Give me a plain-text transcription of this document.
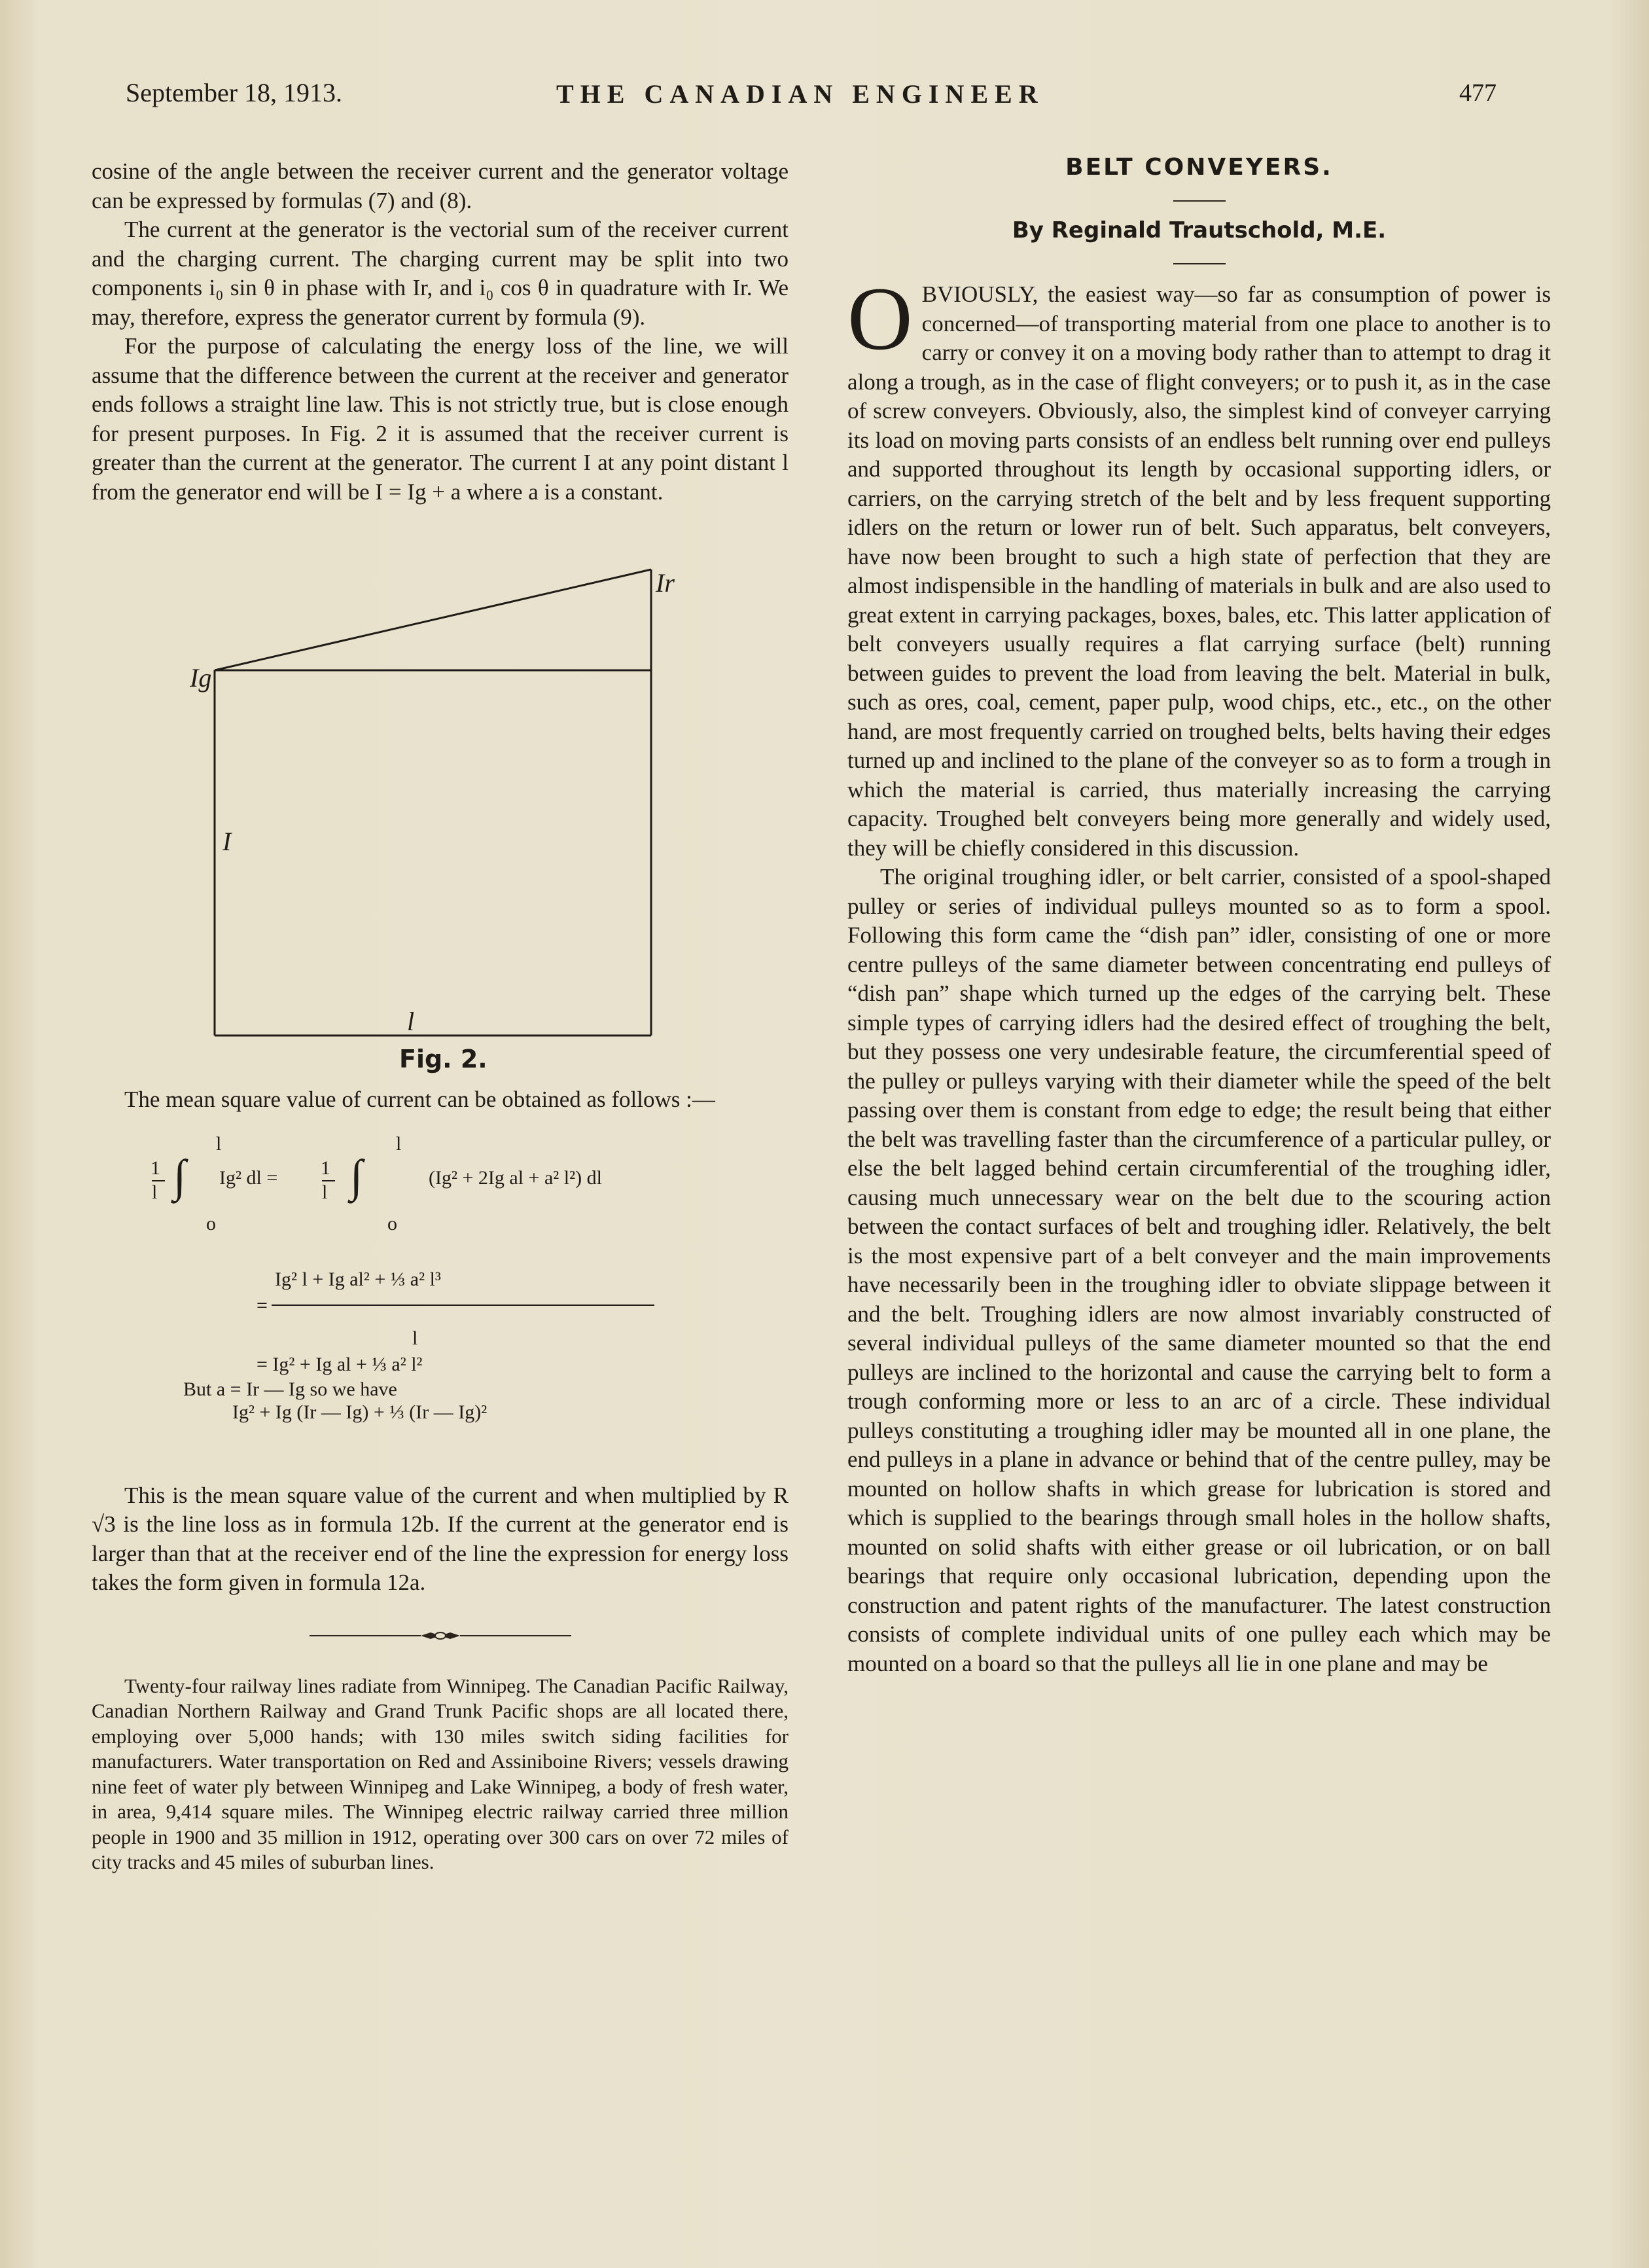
September 18, 1913.	THE CANADIAN ENGINEER	477

cosine of the angle between the receiver current and the generator voltage can be expressed by formulas (7) and (8).

The current at the generator is the vectorial sum of the receiver current and the charging current. The charging current may be split into two components i₀ sin θ in phase with Ir, and i₀ cos θ in quadrature with Ir. We may, therefore, express the generator current by formula (9).

For the purpose of calculating the energy loss of the line, we will assume that the difference between the current at the receiver and generator ends follows a straight line law. This is not strictly true, but is close enough for present purposes. In Fig. 2 it is assumed that the receiver current is greater than the current at the generator. The current I at any point distant l from the generator end will be I = Ig + a where a is a constant.

Ir
Ig
I
l
Fig. 2.

The mean square value of current can be obtained as follows :—

l	l
1
l ∫ Ig² dl = 1
l ∫	(Ig² + 2Ig al + a² l²) dl
o	o
Ig² l + Ig al² + ⅓ a² l³
=
l
= Ig² + Ig al + ⅓ a² l²
But a = Ir — Ig so we have
Ig² + Ig (Ir — Ig) + ⅓ (Ir — Ig)²

This is the mean square value of the current and when multiplied by R √3 is the line loss as in formula 12b. If the current at the generator end is larger than that at the receiver end of the line the expression for energy loss takes the form given in formula 12a.

Twenty-four railway lines radiate from Winnipeg. The Canadian Pacific Railway, Canadian Northern Railway and Grand Trunk Pacific shops are all located there, employing over 5,000 hands; with 130 miles switch siding facilities for manufacturers. Water transportation on Red and Assiniboine Rivers; vessels drawing nine feet of water ply between Winnipeg and Lake Winnipeg, a body of fresh water, in area, 9,414 square miles. The Winnipeg electric railway carried three million people in 1900 and 35 million in 1912, operating over 300 cars on over 72 miles of city tracks and 45 miles of suburban lines.

BELT CONVEYERS.
By Reginald Trautschold, M.E.

OBVIOUSLY, the easiest way—so far as consumption of power is concerned—of transporting material from one place to another is to carry or convey it on a moving body rather than to attempt to drag it along a trough, as in the case of flight conveyers; or to push it, as in the case of screw conveyers. Obviously, also, the simplest kind of conveyer carrying its load on moving parts consists of an endless belt running over end pulleys and supported throughout its length by occasional supporting idlers, or carriers, on the carrying stretch of the belt and by less frequent supporting idlers on the return or lower run of belt. Such apparatus, belt conveyers, have now been brought to such a high state of perfection that they are almost indispensible in the handling of materials in bulk and are also used to great extent in carrying packages, boxes, bales, etc. This latter application of belt conveyers usually requires a flat carrying surface (belt) running between guides to prevent the load from leaving the belt. Material in bulk, such as ores, coal, cement, paper pulp, wood chips, etc., etc., on the other hand, are most frequently carried on troughed belts, belts having their edges turned up and inclined to the plane of the conveyer so as to form a trough in which the material is carried, thus materially increasing the carrying capacity. Troughed belt conveyers being more generally and widely used, they will be chiefly considered in this discussion.

The original troughing idler, or belt carrier, consisted of a spool-shaped pulley or series of individual pulleys mounted so as to form a spool. Following this form came the “dish pan” idler, consisting of one or more centre pulleys of the same diameter between concentrating end pulleys of “dish pan” shape which turned up the edges of the carrying belt. These simple types of carrying idlers had the desired effect of troughing the belt, but they possess one very undesirable feature, the circumferential speed of the pulley or pulleys varying with their diameter while the speed of the belt passing over them is constant from edge to edge; the result being that either the belt was travelling faster than the circumference of a particular pulley, or else the belt lagged behind certain circumferential of the troughing idler, causing much unnecessary wear on the belt due to the scouring action between the contact surfaces of belt and troughing idler. Relatively, the belt is the most expensive part of a belt conveyer and the main improvements have necessarily been in the troughing idler to obviate slippage between it and the belt. Troughing idlers are now almost invariably constructed of several individual pulleys of the same diameter mounted so that the end pulleys are inclined to the horizontal and cause the carrying belt to form a trough conforming more or less to an arc of a circle. These individual pulleys constituting a troughing idler may be mounted all in one plane, the end pulleys in a plane in advance or behind that of the centre pulley, may be mounted on hollow shafts in which grease for lubrication is stored and which is supplied to the bearings through small holes in the hollow shafts, mounted on solid shafts with either grease or oil lubrication, or on ball bearings that require only occasional lubrication, depending upon the construction and patent rights of the manufacturer. The latest construction consists of complete individual units of one pulley each which may be mounted on a board so that the pulleys all lie in one plane and may be
